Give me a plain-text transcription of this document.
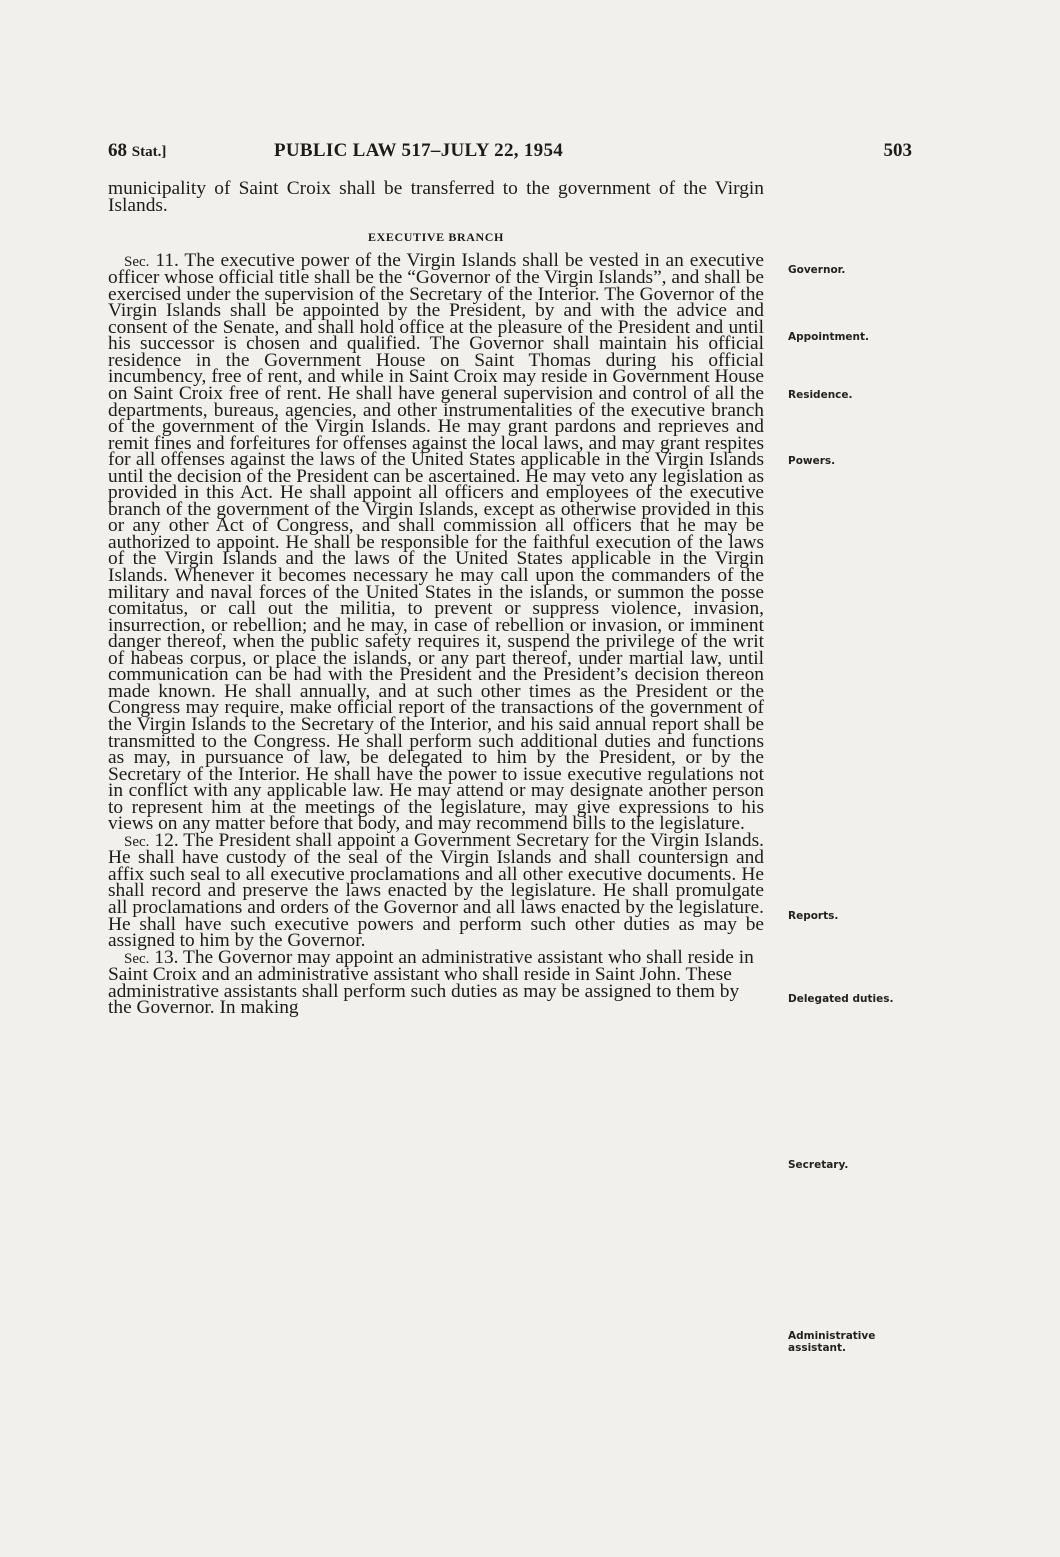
68 Stat.]	PUBLIC LAW 517–JULY 22, 1954	503

municipality of Saint Croix shall be transferred to the government of the Virgin Islands.

EXECUTIVE BRANCH

Sec. 11. The executive power of the Virgin Islands shall be vested in an executive officer whose official title shall be the “Governor of the Virgin Islands”, and shall be exercised under the supervision of the Secretary of the Interior. The Governor of the Virgin Islands shall be appointed by the President, by and with the advice and consent of the Senate, and shall hold office at the pleasure of the President and until his successor is chosen and qualified. The Governor shall maintain his official residence in the Government House on Saint Thomas during his official incumbency, free of rent, and while in Saint Croix may reside in Government House on Saint Croix free of rent. He shall have general supervision and control of all the departments, bureaus, agencies, and other instrumentalities of the executive branch of the government of the Virgin Islands. He may grant pardons and reprieves and remit fines and forfeitures for offenses against the local laws, and may grant respites for all offenses against the laws of the United States applicable in the Virgin Islands until the decision of the President can be ascertained. He may veto any legislation as provided in this Act. He shall appoint all officers and employees of the executive branch of the government of the Virgin Islands, except as otherwise provided in this or any other Act of Congress, and shall commission all officers that he may be authorized to appoint. He shall be responsible for the faithful execution of the laws of the Virgin Islands and the laws of the United States applicable in the Virgin Islands. Whenever it becomes necessary he may call upon the commanders of the military and naval forces of the United States in the islands, or summon the posse comitatus, or call out the militia, to prevent or suppress violence, invasion, insurrection, or rebellion; and he may, in case of rebellion or invasion, or imminent danger thereof, when the public safety requires it, suspend the privilege of the writ of habeas corpus, or place the islands, or any part thereof, under martial law, until communication can be had with the President and the President’s decision thereon made known. He shall annually, and at such other times as the President or the Congress may require, make official report of the transactions of the government of the Virgin Islands to the Secretary of the Interior, and his said annual report shall be transmitted to the Congress. He shall perform such additional duties and functions as may, in pursuance of law, be delegated to him by the President, or by the Secretary of the Interior. He shall have the power to issue executive regulations not in conflict with any applicable law. He may attend or may designate another person to represent him at the meetings of the legislature, may give expressions to his views on any matter before that body, and may recommend bills to the legislature.

Sec. 12. The President shall appoint a Government Secretary for the Virgin Islands. He shall have custody of the seal of the Virgin Islands and shall countersign and affix such seal to all executive proclamations and all other executive documents. He shall record and preserve the laws enacted by the legislature. He shall promulgate all proclamations and orders of the Governor and all laws enacted by the legislature. He shall have such executive powers and perform such other duties as may be assigned to him by the Governor.

Sec. 13. The Governor may appoint an administrative assistant who shall reside in Saint Croix and an administrative assistant who shall reside in Saint John. These administrative assistants shall perform such duties as may be assigned to them by the Governor. In making

Governor.
Appointment.
Residence.
Powers.
Reports.
Delegated duties.
Secretary.
Administrative assistant.
